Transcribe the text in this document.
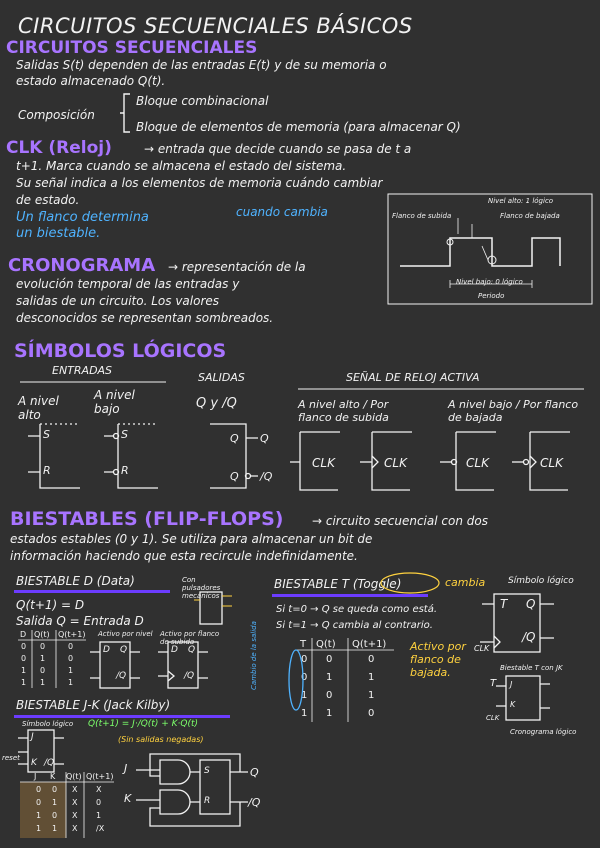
CIRCUITOS SECUENCIALES BÁSICOS
CIRCUITOS SECUENCIALES
Salidas S(t) dependen de las entradas E(t) y de su memoria o
estado almacenado Q(t).
Composición
Bloque combinacional
Bloque de elementos de memoria (para almacenar Q)
CLK (Reloj)	→ entrada que decide cuando se pasa de t a
t+1. Marca cuando se almacena el estado del sistema.
Su señal indica a los elementos de memoria cuándo cambiar
de estado.
Un flanco determina
un biestable.
cuando cambia
Nivel alto: 1 lógico
Flanco de subida	Flanco de bajada
Nivel bajo: 0 lógico
Periodo
CRONOGRAMA → representación de la
evolución temporal de las entradas y
salidas de un circuito. Los valores
desconocidos se representan sombreados.
SÍMBOLOS LÓGICOS
ENTRADAS
SALIDAS	SEÑAL DE RELOJ ACTIVA
A nivel alto
A nivel bajo	Q y /Q	A nivel alto / Por flanco de subida
A nivel bajo / Por flanco de bajada
S
R
S
R
Q Q
Q /Q
CLK	CLK	CLK	CLK
BIESTABLES (FLIP-FLOPS) → circuito secuencial con dos
estados estables (0 y 1). Se utiliza para almacenar un bit de
información haciendo que esta recircule indefinidamente.
BIESTABLE D (Data)	Con pulsadores mecánicos
Q(t+1) = D
Salida Q = Entrada D
D Q(t) Q(t+1)
0 0	0
0 1	0
1 0	1
1 1	1
Activo por nivel Activo por flanco de subida
D Q
/Q
D Q
/Q
BIESTABLE J-K (Jack Kilby)
Símbolo lógico Q(t+1) = J·/Q(t) + K·Q(t)
(Sin salidas negadas)
J
K /Q
reset
J K Q(t) Q(t+1)
0 0 X X
0 1 X 0
1 0 X 1
1 1 X /X
J
K
S
R
Q
/Q
BIESTABLE T (Toggle)	cambia	Símbolo lógico
Si t=0 → Q se queda como está.
Si t=1 → Q cambia al contrario.
T Q(t) Q(t+1)
0 0	0
0 1	1
1 0	1
1 1	0
Cambio de la salida	Activo por flanco de bajada.
T Q
/Q
CLK
Biestable T con JK
T J
K
CLK
Cronograma lógico
